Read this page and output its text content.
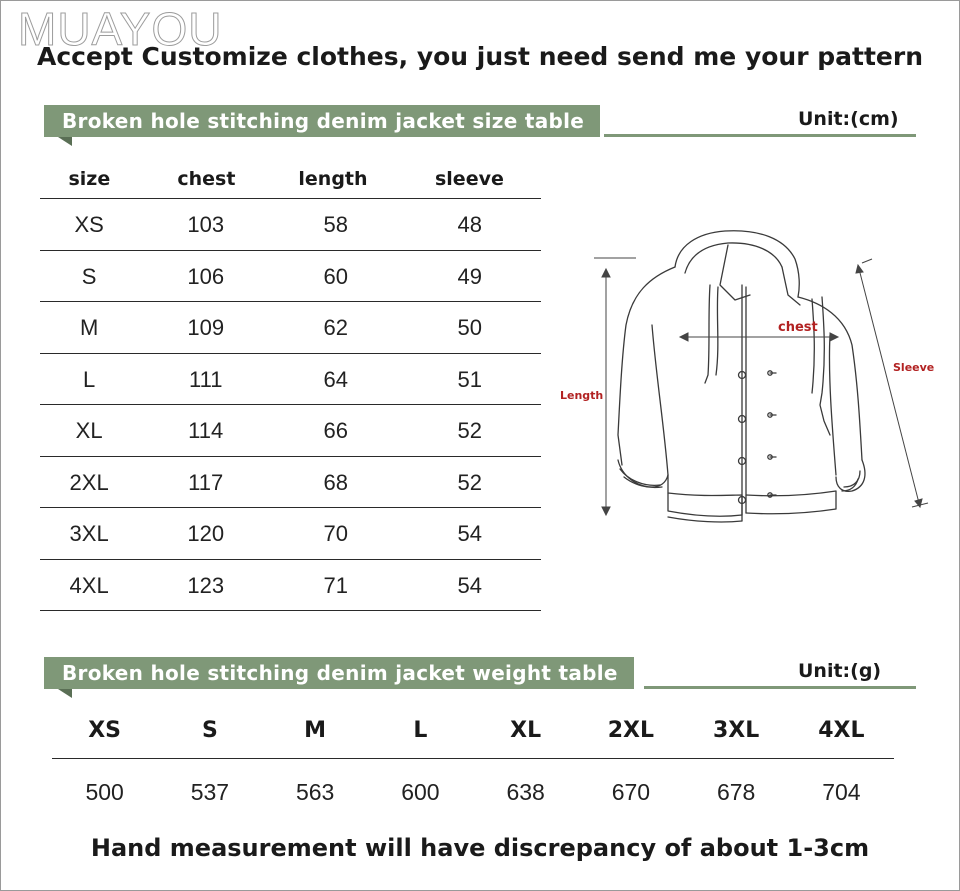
MUAYOU
Accept Customize clothes, you just need send me your pattern
Broken hole stitching denim jacket size table	Unit:(cm)
size	chest	length	sleeve
XS	103	58	48
S	106	60	49
M	109	62	50
L	111	64	51
XL	114	66	52
2XL	117	68	52
3XL	120	70	54
4XL	123	71	54
chest
Length
Sleeve
Broken hole stitching denim jacket weight table	Unit:(g)
XS	S	M	L	XL	2XL	3XL	4XL
500	537	563	600	638	670	678	704
Hand measurement will have discrepancy of about 1-3cm
